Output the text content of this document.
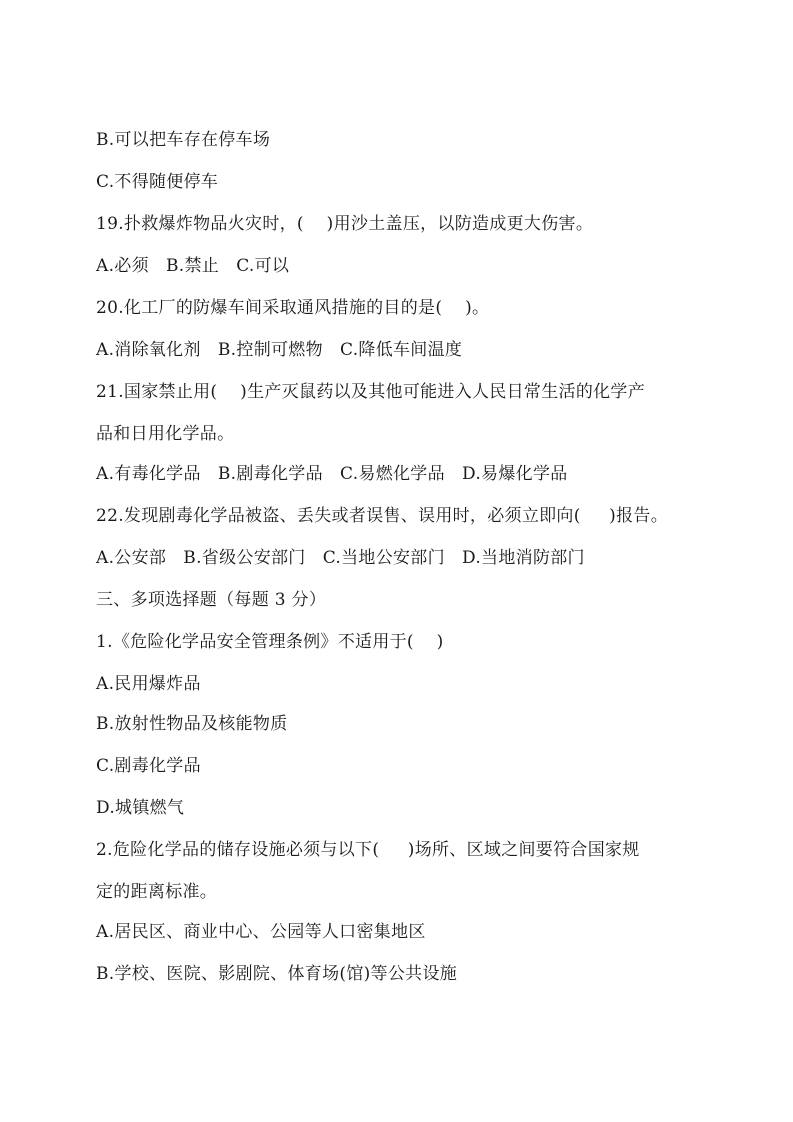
B.可以把车存在停车场
C.不得随便停车
19.扑救爆炸物品火灾时，(    )用沙土盖压，以防造成更大伤害。
A.必须   B.禁止   C.可以
20.化工厂的防爆车间采取通风措施的目的是(    )。
A.消除氧化剂   B.控制可燃物   C.降低车间温度
21.国家禁止用(    )生产灭鼠药以及其他可能进入人民日常生活的化学产
品和日用化学品。
A.有毒化学品   B.剧毒化学品   C.易燃化学品   D.易爆化学品
22.发现剧毒化学品被盗、丢失或者误售、误用时，必须立即向(     )报告。
A.公安部   B.省级公安部门   C.当地公安部门   D.当地消防部门
三、多项选择题（每题 3 分）
1.《危险化学品安全管理条例》不适用于(    )
A.民用爆炸品
B.放射性物品及核能物质
C.剧毒化学品
D.城镇燃气
2.危险化学品的储存设施必须与以下(     )场所、区域之间要符合国家规
定的距离标准。
A.居民区、商业中心、公园等人口密集地区
B.学校、医院、影剧院、体育场(馆)等公共设施
